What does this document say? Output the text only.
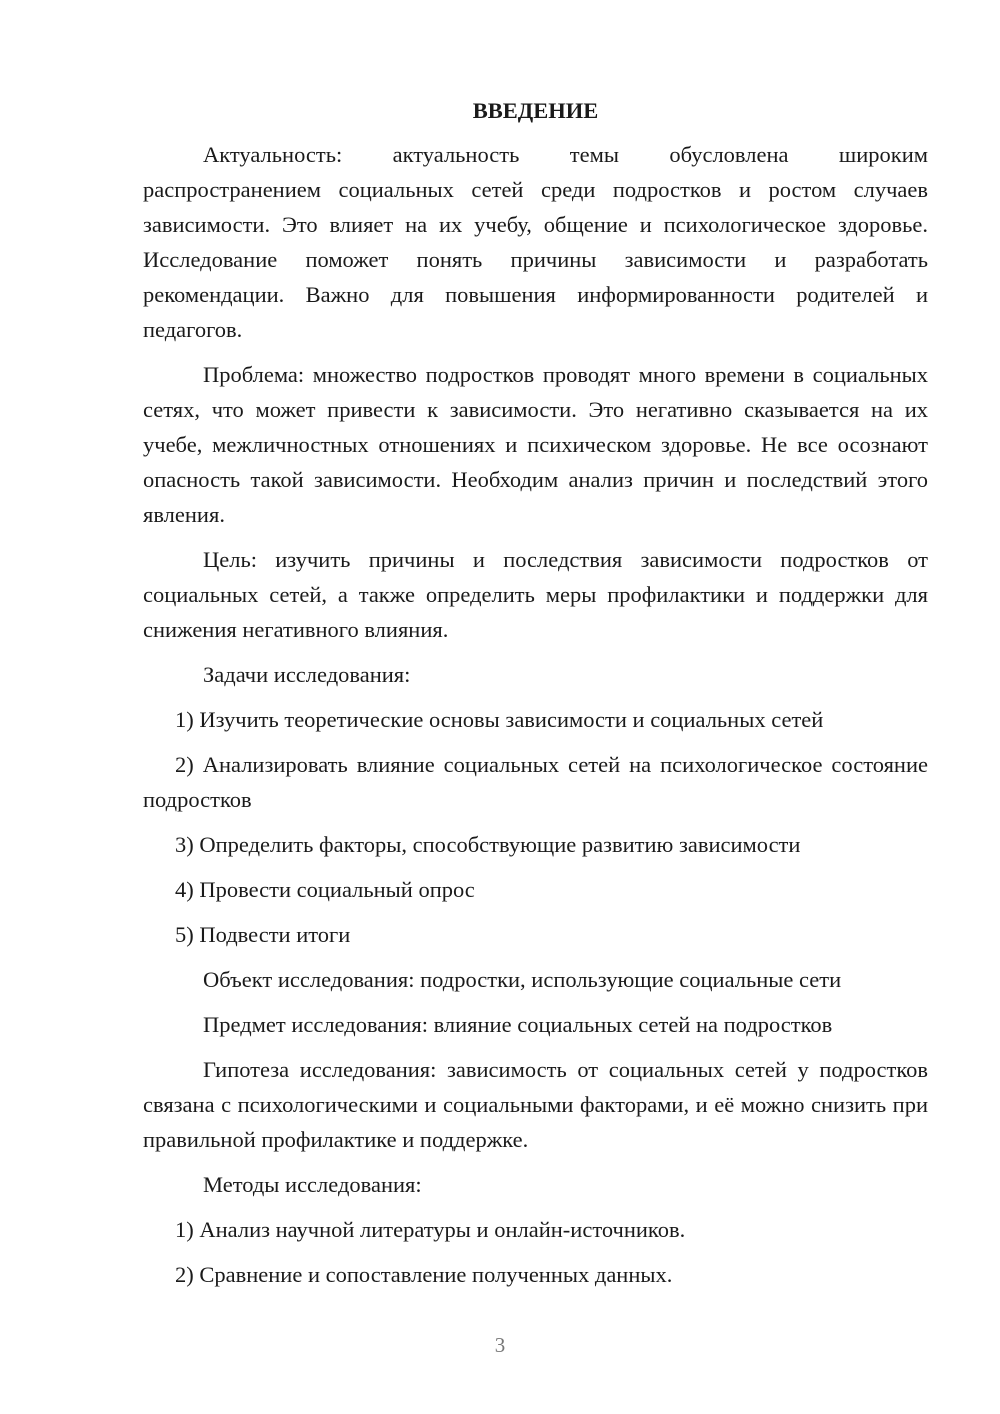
ВВЕДЕНИЕ
Актуальность: актуальность темы обусловлена широким распространением социальных сетей среди подростков и ростом случаев зависимости. Это влияет на их учебу, общение и психологическое здоровье. Исследование поможет понять причины зависимости и разработать рекомендации. Важно для повышения информированности родителей и педагогов.
Проблема: множество подростков проводят много времени в социальных сетях, что может привести к зависимости. Это негативно сказывается на их учебе, межличностных отношениях и психическом здоровье. Не все осознают опасность такой зависимости. Необходим анализ причин и последствий этого явления.
Цель: изучить причины и последствия зависимости подростков от социальных сетей, а также определить меры профилактики и поддержки для снижения негативного влияния.
Задачи исследования:
1) Изучить теоретические основы зависимости и социальных сетей
2) Анализировать влияние социальных сетей на психологическое состояние подростков
3) Определить факторы, способствующие развитию зависимости
4) Провести социальный опрос
5) Подвести итоги
Объект исследования: подростки, использующие социальные сети
Предмет исследования: влияние социальных сетей на подростков
Гипотеза исследования: зависимость от социальных сетей у подростков связана с психологическими и социальными факторами, и её можно снизить при правильной профилактике и поддержке.
Методы исследования:
1) Анализ научной литературы и онлайн-источников.
2) Сравнение и сопоставление полученных данных.
3
